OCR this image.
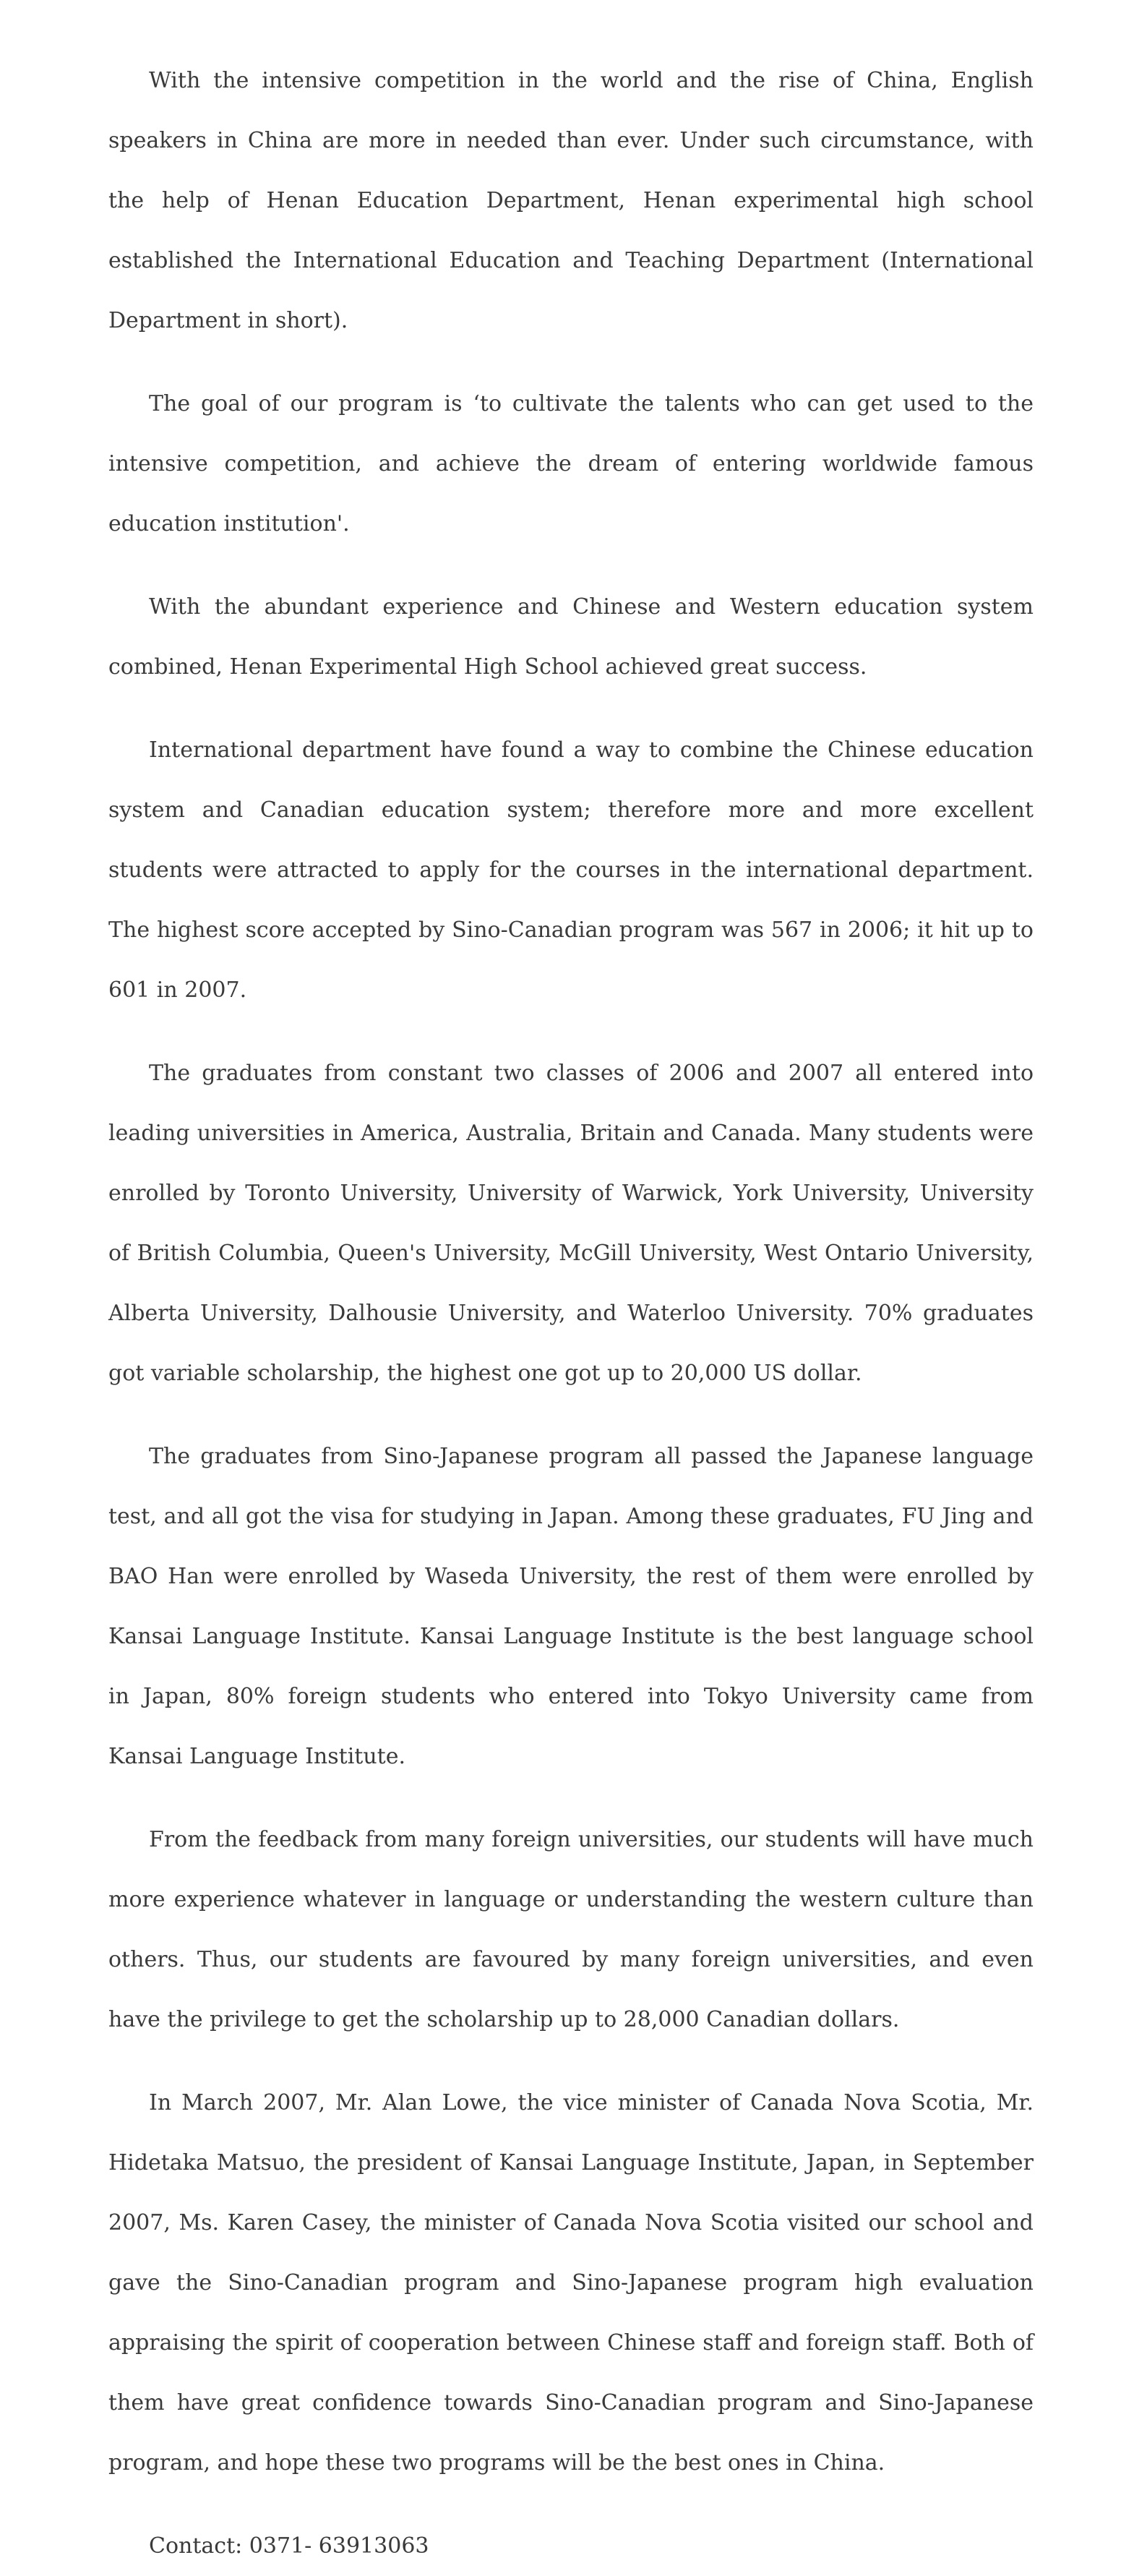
With the intensive competition in the world and the rise of China, English speakers in China are more in needed than ever. Under such circumstance, with the help of Henan Education Department, Henan experimental high school established the International Education and Teaching Department (International Department in short).

The goal of our program is ‘to cultivate the talents who can get used to the intensive competition, and achieve the dream of entering worldwide famous education institution'.

With the abundant experience and Chinese and Western education system combined, Henan Experimental High School achieved great success.

International department have found a way to combine the Chinese education system and Canadian education system; therefore more and more excellent students were attracted to apply for the courses in the international department. The highest score accepted by Sino-Canadian program was 567 in 2006; it hit up to 601 in 2007.

The graduates from constant two classes of 2006 and 2007 all entered into leading universities in America, Australia, Britain and Canada. Many students were enrolled by Toronto University, University of Warwick, York University, University of British Columbia, Queen's University, McGill University, West Ontario University, Alberta University, Dalhousie University, and Waterloo University. 70% graduates got variable scholarship, the highest one got up to 20,000 US dollar.

The graduates from Sino-Japanese program all passed the Japanese language test, and all got the visa for studying in Japan. Among these graduates, FU Jing and BAO Han were enrolled by Waseda University, the rest of them were enrolled by Kansai Language Institute. Kansai Language Institute is the best language school in Japan, 80% foreign students who entered into Tokyo University came from Kansai Language Institute.

From the feedback from many foreign universities, our students will have much more experience whatever in language or understanding the western culture than others. Thus, our students are favoured by many foreign universities, and even have the privilege to get the scholarship up to 28,000 Canadian dollars.

In March 2007, Mr. Alan Lowe, the vice minister of Canada Nova Scotia, Mr. Hidetaka Matsuo, the president of Kansai Language Institute, Japan, in September 2007, Ms. Karen Casey, the minister of Canada Nova Scotia visited our school and gave the Sino-Canadian program and Sino-Japanese program high evaluation appraising the spirit of cooperation between Chinese staff and foreign staff. Both of them have great confidence towards Sino-Canadian program and Sino-Japanese program, and hope these two programs will be the best ones in China.

Contact: 0371- 63913063
